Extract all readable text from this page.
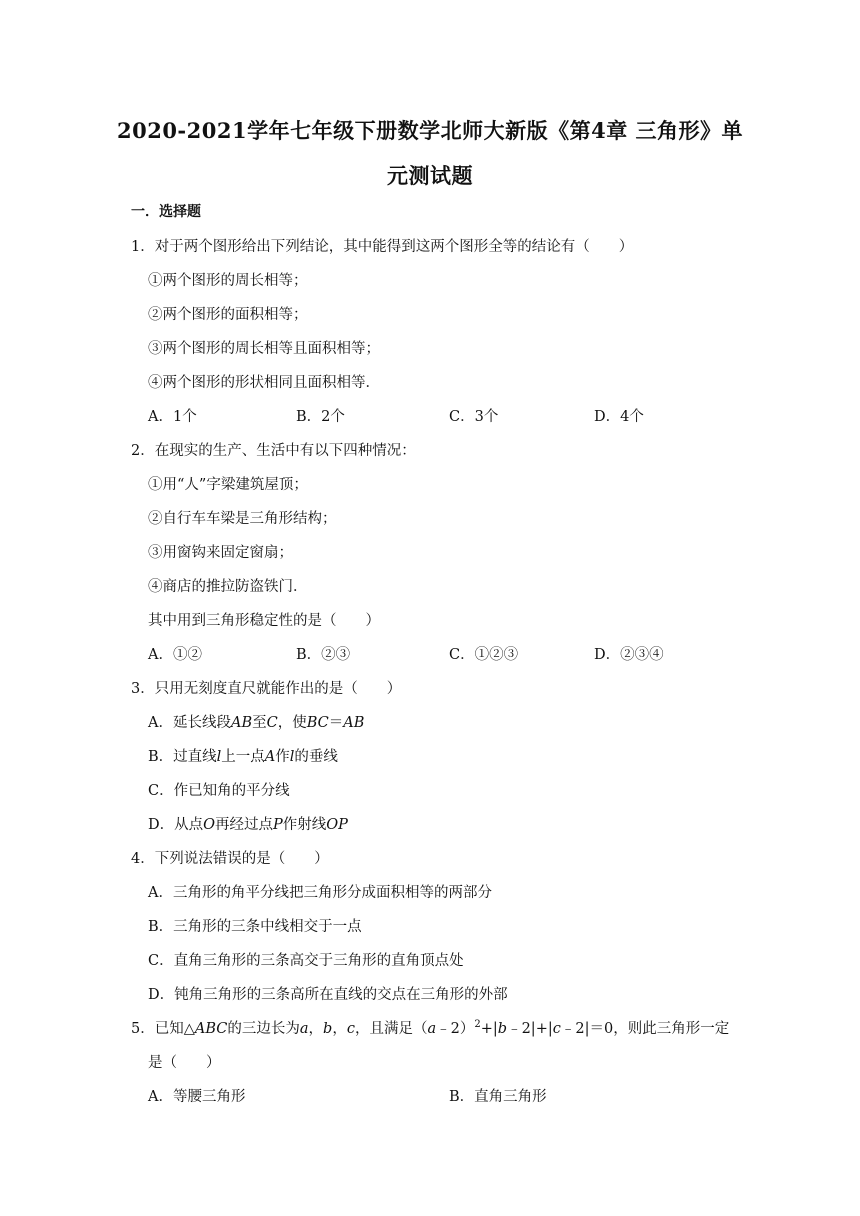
2020-2021学年七年级下册数学北师大新版《第4章 三角形》单
元测试题
一．选择题
1．对于两个图形给出下列结论，其中能得到这两个图形全等的结论有（　　）
①两个图形的周长相等；
②两个图形的面积相等；
③两个图形的周长相等且面积相等；
④两个图形的形状相同且面积相等．
A．1个	B．2个	C．3个	D．4个
2．在现实的生产、生活中有以下四种情况：
①用“人”字梁建筑屋顶；
②自行车车梁是三角形结构；
③用窗钩来固定窗扇；
④商店的推拉防盗铁门．
其中用到三角形稳定性的是（　　）
A．①②	B．②③	C．①②③	D．②③④
3．只用无刻度直尺就能作出的是（　　）
A．延长线段AB至C，使BC＝AB
B．过直线l上一点A作l的垂线
C．作已知角的平分线
D．从点O再经过点P作射线OP
4．下列说法错误的是（　　）
A．三角形的角平分线把三角形分成面积相等的两部分
B．三角形的三条中线相交于一点
C．直角三角形的三条高交于三角形的直角顶点处
D．钝角三角形的三条高所在直线的交点在三角形的外部
5．已知△ABC的三边长为a，b，c，且满足（a﹣2）$^2$+|b﹣2|+|c﹣2|＝0，则此三角形一定
是（　　）
A．等腰三角形	B．直角三角形
